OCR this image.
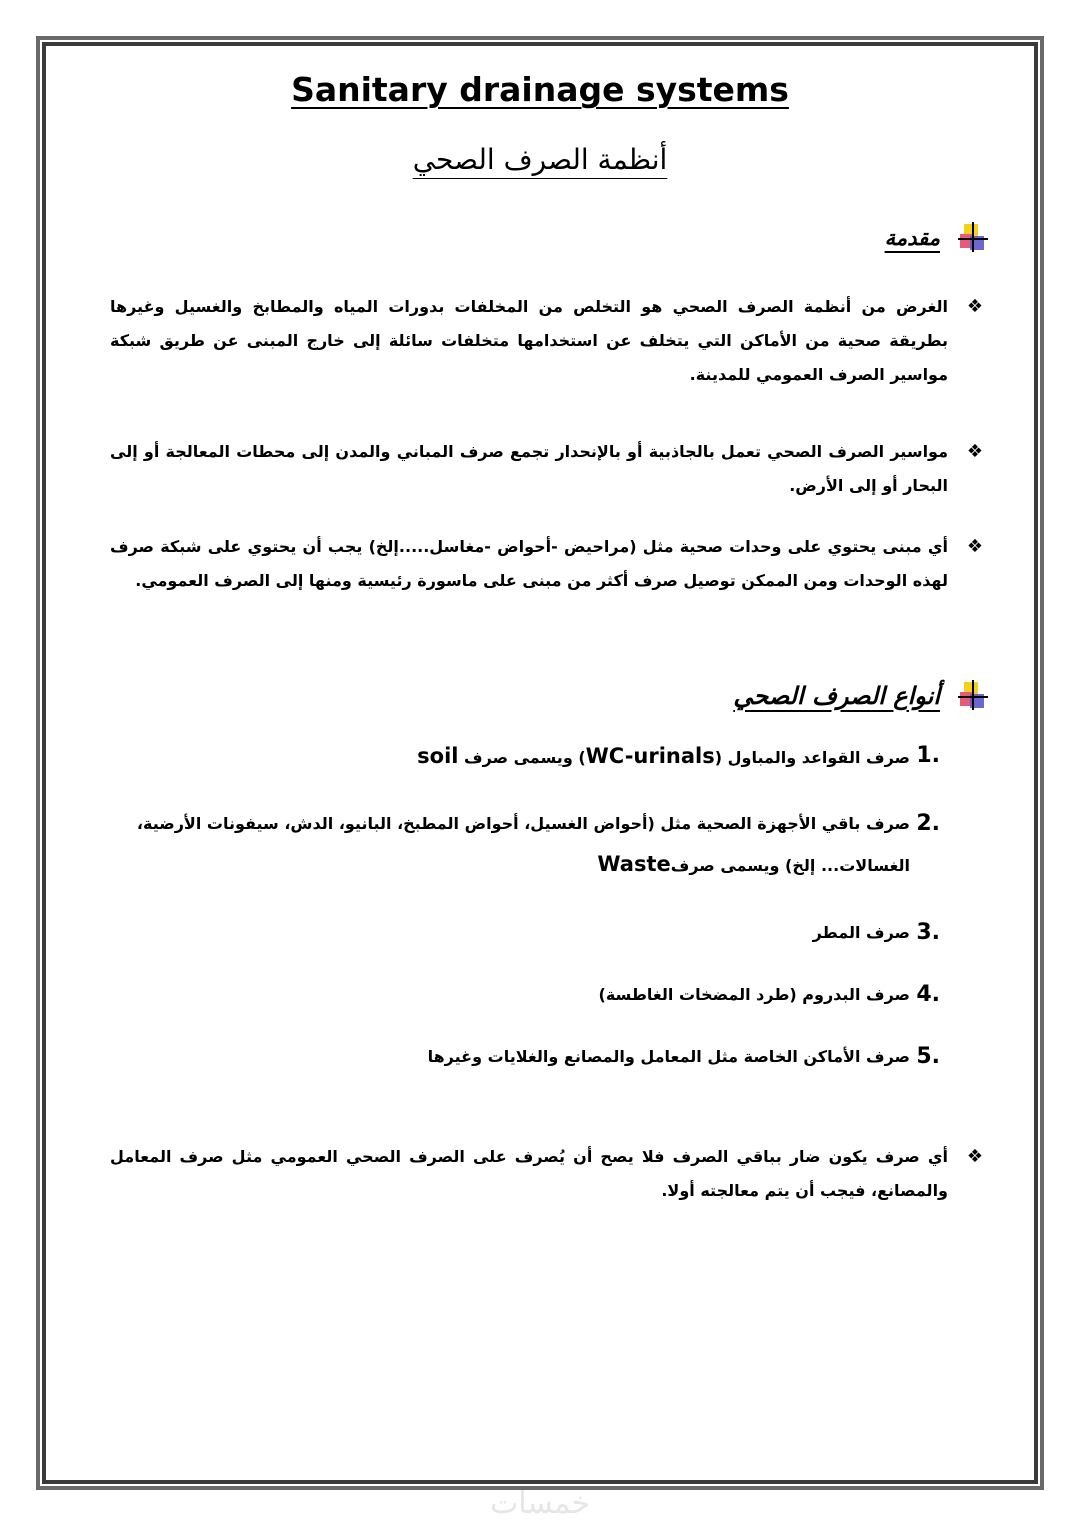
Sanitary drainage systems
أنظمة الصرف الصحي
مقدمة
❖
الغرض من أنظمة الصرف الصحي هو التخلص من المخلفات بدورات المياه والمطابخ والغسيل وغيرها بطريقة صحية من الأماكن التي يتخلف عن استخدامها متخلفات سائلة إلى خارج المبنى عن طريق شبكة مواسير الصرف العمومي للمدينة.
❖
مواسير الصرف الصحي تعمل بالجاذبية أو بالإنحدار تجمع صرف المباني والمدن إلى محطات المعالجة أو إلى البحار أو إلى الأرض.
❖
أي مبنى يحتوي على وحدات صحية مثل (مراحيض -أحواض -مغاسل.....إلخ) يجب أن يحتوي على شبكة صرف لهذه الوحدات ومن الممكن توصيل صرف أكثر من مبنى على ماسورة رئيسية ومنها إلى الصرف العمومي.
أنواع الصرف الصحي
1.
صرف القواعد والمباول (WC-urinals) ويسمى صرف soil
2.
صرف باقي الأجهزة الصحية مثل (أحواض الغسيل، أحواض المطبخ، البانيو، الدش، سيفونات الأرضية، الغسالات... إلخ) ويسمى صرفWaste
3.
صرف المطر
4.
صرف البدروم (طرد المضخات الغاطسة)
5.
صرف الأماكن الخاصة مثل المعامل والمصانع والغلايات وغيرها
❖
أي صرف يكون ضار بباقي الصرف فلا يصح أن يُصرف على الصرف الصحي العمومي مثل صرف المعامل والمصانع، فيجب أن يتم معالجته أولا.
خمسات
